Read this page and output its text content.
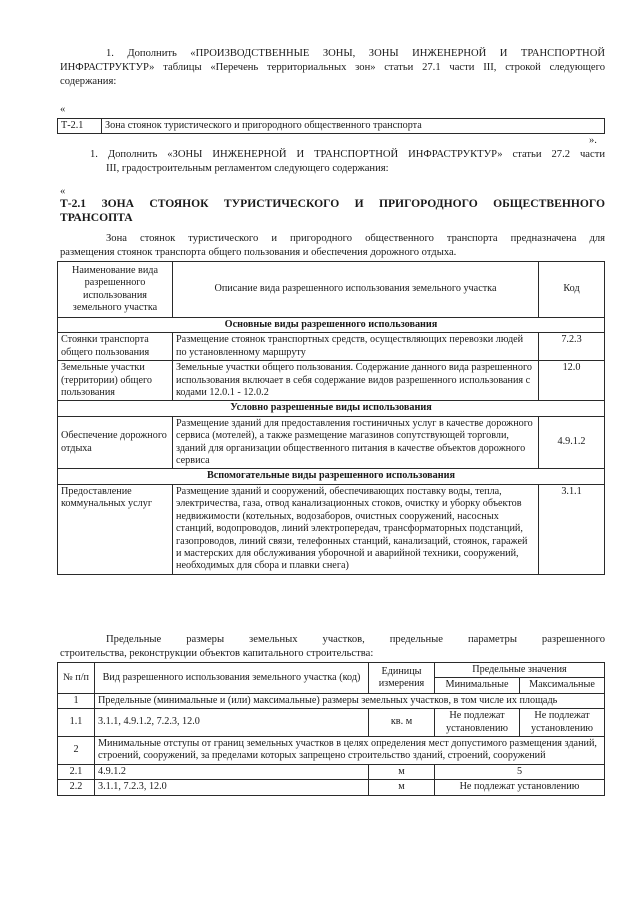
1. Дополнить «ПРОИЗВОДСТВЕННЫЕ ЗОНЫ, ЗОНЫ ИНЖЕНЕРНОЙ И ТРАНСПОРТНОЙ

ИНФРАСТРУКТУР» таблицы «Перечень территориальных зон» статьи 27.1 части III, строкой следующего

содержания:

«

Т-2.1	Зона стоянок туристического и пригородного общественного транспорта

».

1. Дополнить «ЗОНЫ ИНЖЕНЕРНОЙ И ТРАНСПОРТНОЙ ИНФРАСТРУКТУР» статьи 27.2 части

III, градостроительным регламентом следующего содержания:

«

Т-2.1 ЗОНА СТОЯНОК ТУРИСТИЧЕСКОГО И ПРИГОРОДНОГО ОБЩЕСТВЕННОГО

ТРАНСОПТА

Зона стоянок туристического и пригородного общественного транспорта предназначена для

размещения стоянок транспорта общего пользования и обеспечения дорожного отдыха.

Наименование вида разрешенного использования земельного участка	Описание вида разрешенного использования земельного участка	Код
Основные виды разрешенного использования		
Стоянки транспорта общего пользования	Размещение стоянок транспортных средств, осуществляющих перевозки людей по установленному маршруту	7.2.3
Земельные участки (территории) общего пользования	Земельные участки общего пользования. Содержание данного вида разрешенного использования включает в себя содержание видов разрешенного использования с кодами 12.0.1 - 12.0.2	12.0
Условно разрешенные виды использования		
Обеспечение дорожного отдыха	Размещение зданий для предоставления гостиничных услуг в качестве дорожного сервиса (мотелей), а также размещение магазинов сопутствующей торговли, зданий для организации общественного питания в качестве объектов дорожного сервиса	4.9.1.2
Вспомогательные виды разрешенного использования		
Предоставление коммунальных услуг	Размещение зданий и сооружений, обеспечивающих поставку воды, тепла, электричества, газа, отвод канализационных стоков, очистку и уборку объектов недвижимости (котельных, водозаборов, очистных сооружений, насосных станций, водопроводов, линий электропередач, трансформаторных подстанций, газопроводов, линий связи, телефонных станций, канализаций, стоянок, гаражей и мастерских для обслуживания уборочной и аварийной техники, сооружений, необходимых для сбора и плавки снега)	3.1.1

Предельные размеры земельных участков, предельные параметры разрешенного

строительства, реконструкции объектов капитального строительства:

№ п/п	Вид разрешенного использования земельного участка (код)	Единицы измерения	Предельные значения	
			Минимальные	Максимальные
1	Предельные (минимальные и (или) максимальные) размеры земельных участков, в том числе их площадь			
1.1	3.1.1, 4.9.1.2, 7.2.3, 12.0	кв. м	Не подлежат установлению	Не подлежат установлению
2	Минимальные отступы от границ земельных участков в целях определения мест допустимого размещения зданий, строений, сооружений, за пределами которых запрещено строительство зданий, строений, сооружений			
2.1	4.9.1.2	м	5	
2.2	3.1.1, 7.2.3, 12.0	м	Не подлежат установлению	
